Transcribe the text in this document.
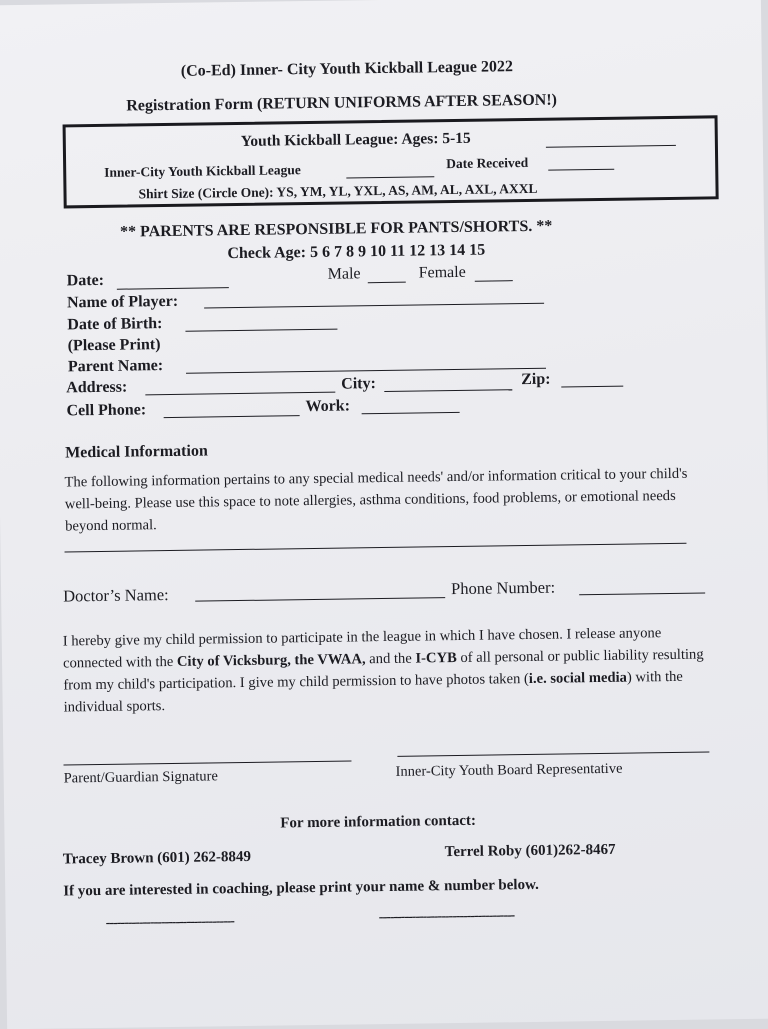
(Co-Ed) Inner- City Youth Kickball League 2022
Registration Form (RETURN UNIFORMS AFTER SEASON!)
Youth Kickball League: Ages: 5-15
Inner-City Youth Kickball League	Date Received
Shirt Size (Circle One): YS, YM, YL, YXL, AS, AM, AL, AXL, AXXL
** PARENTS ARE RESPONSIBLE FOR PANTS/SHORTS. **
Check Age: 5 6 7 8 9 10 11 12 13 14 15
Date:	Male	Female
Name of Player:
Date of Birth:
(Please Print)
Parent Name:
Address:	City:	Zip:
Cell Phone:	Work:
Medical Information
The following information pertains to any special medical needs' and/or information critical to your child's well-being. Please use this space to note allergies, asthma conditions, food problems, or emotional needs beyond normal.
Doctor’s Name:	Phone Number:
I hereby give my child permission to participate in the league in which I have chosen. I release anyone connected with the City of Vicksburg, the VWAA, and the I-CYB of all personal or public liability resulting from my child's participation. I give my child permission to have photos taken (i.e. social media) with the individual sports.
Parent/Guardian Signature	Inner-City Youth Board Representative
For more information contact:
Tracey Brown (601) 262-8849	Terrel Roby (601)262-8467
If you are interested in coaching, please print your name & number below.
-----------------------------------	-------------------------------------
